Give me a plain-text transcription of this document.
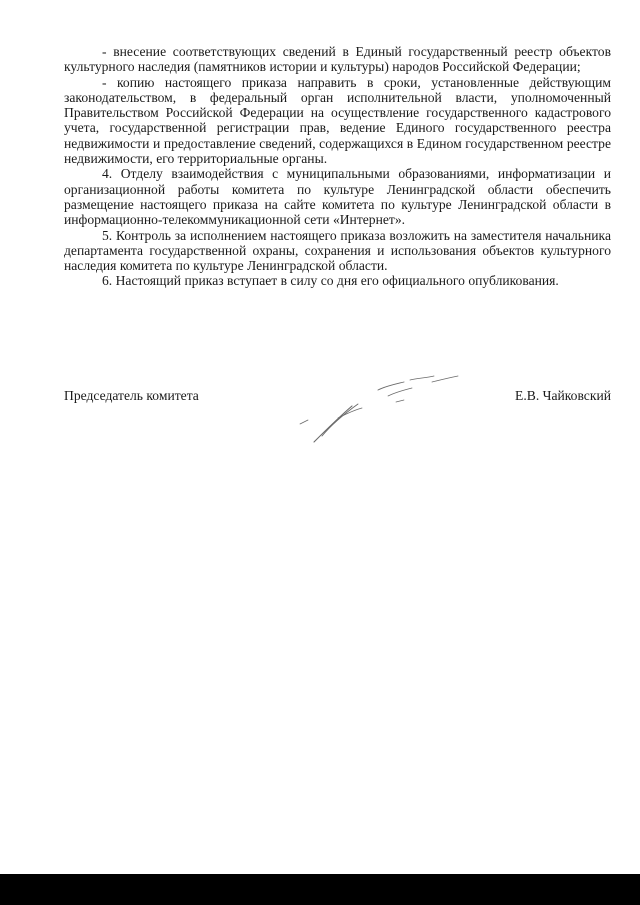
- внесение соответствующих сведений в Единый государственный реестр объектов культурного наследия (памятников истории и культуры) народов Российской Федерации;

- копию настоящего приказа направить в сроки, установленные действующим законодательством, в федеральный орган исполнительной власти, уполномоченный Правительством Российской Федерации на осуществление государственного кадастрового учета, государственной регистрации прав, ведение Единого государственного реестра недвижимости и предоставление сведений, содержащихся в Едином государственном реестре недвижимости, его территориальные органы.

4. Отделу взаимодействия с муниципальными образованиями, информатизации и организационной работы комитета по культуре Ленинградской области обеспечить размещение настоящего приказа на сайте комитета по культуре Ленинградской области в информационно-телекоммуникационной сети «Интернет».

5. Контроль за исполнением настоящего приказа возложить на заместителя начальника департамента государственной охраны, сохранения и использования объектов культурного наследия комитета по культуре Ленинградской области.

6. Настоящий приказ вступает в силу со дня его официального опубликования.

Председатель комитета	Е.В. Чайковский
